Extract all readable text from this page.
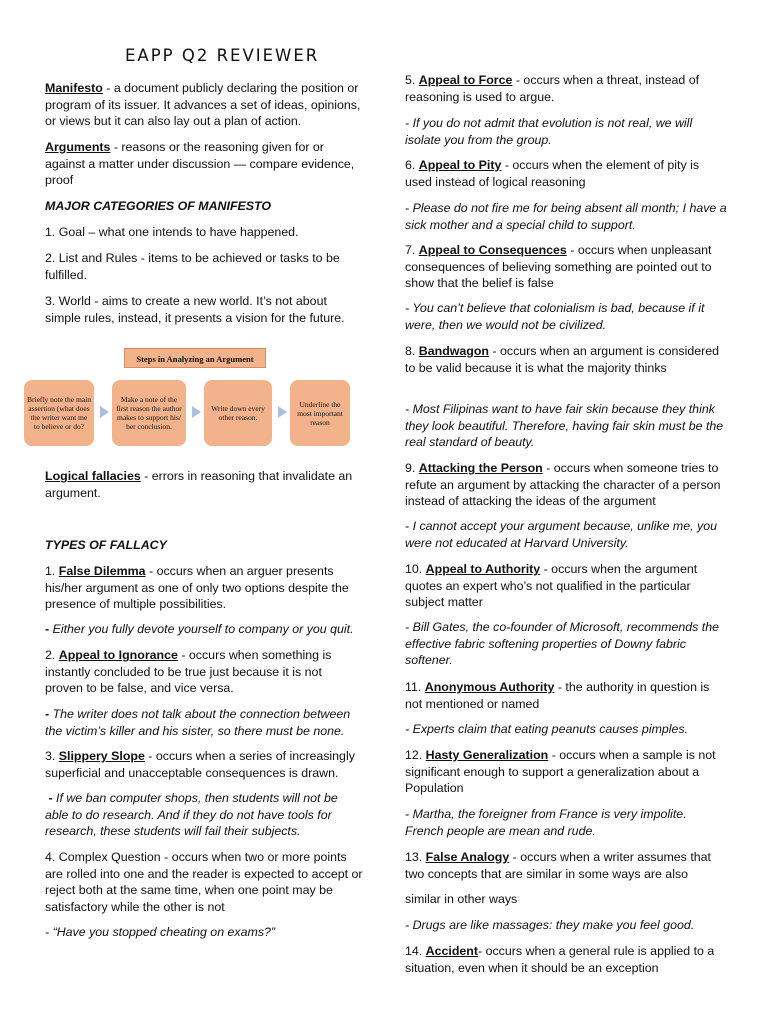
EAPP Q2 REVIEWER

Manifesto - a document publicly declaring the position or program of its issuer. It advances a set of ideas, opinions, or views but it can also lay out a plan of action.

Arguments - reasons or the reasoning given for or against a matter under discussion — compare evidence, proof

MAJOR CATEGORIES OF MANIFESTO

1. Goal – what one intends to have happened.

2. List and Rules - items to be achieved or tasks to be fulfilled.

3. World - aims to create a new world. It’s not about simple rules, instead, it presents a vision for the future.

Steps in Analyzing an Argument
Briefly note the main assertion (what does the writer want me to believe or do?
Make a note of the first reason the author makes to support his/ her conclusion.
Write down every other reason.
Underline the most important reason

Logical fallacies - errors in reasoning that invalidate an argument.

TYPES OF FALLACY

1. False Dilemma - occurs when an arguer presents his/her argument as one of only two options despite the presence of multiple possibilities.

- Either you fully devote yourself to company or you quit.

2. Appeal to Ignorance - occurs when something is instantly concluded to be true just because it is not proven to be false, and vice versa.

- The writer does not talk about the connection between the victim’s killer and his sister, so there must be none.

3. Slippery Slope - occurs when a series of increasingly superficial and unacceptable consequences is drawn.

- If we ban computer shops, then students will not be able to do research. And if they do not have tools for research, these students will fail their subjects.

4. Complex Question - occurs when two or more points are rolled into one and the reader is expected to accept or reject both at the same time, when one point may be satisfactory while the other is not

- “Have you stopped cheating on exams?”

5. Appeal to Force - occurs when a threat, instead of reasoning is used to argue.

- If you do not admit that evolution is not real, we will isolate you from the group.

6. Appeal to Pity - occurs when the element of pity is used instead of logical reasoning

- Please do not fire me for being absent all month; I have a sick mother and a special child to support.

7. Appeal to Consequences - occurs when unpleasant consequences of believing something are pointed out to show that the belief is false

- You can’t believe that colonialism is bad, because if it were, then we would not be civilized.

8. Bandwagon - occurs when an argument is considered to be valid because it is what the majority thinks

- Most Filipinas want to have fair skin because they think they look beautiful. Therefore, having fair skin must be the real standard of beauty.

9. Attacking the Person - occurs when someone tries to refute an argument by attacking the character of a person instead of attacking the ideas of the argument

- I cannot accept your argument because, unlike me, you were not educated at Harvard University.

10. Appeal to Authority - occurs when the argument quotes an expert who’s not qualified in the particular subject matter

- Bill Gates, the co-founder of Microsoft, recommends the effective fabric softening properties of Downy fabric softener.

11. Anonymous Authority - the authority in question is not mentioned or named

- Experts claim that eating peanuts causes pimples.

12. Hasty Generalization - occurs when a sample is not significant enough to support a generalization about a Population

- Martha, the foreigner from France is very impolite. French people are mean and rude.

13. False Analogy - occurs when a writer assumes that two concepts that are similar in some ways are also

similar in other ways

- Drugs are like massages: they make you feel good.

14. Accident- occurs when a general rule is applied to a situation, even when it should be an exception
